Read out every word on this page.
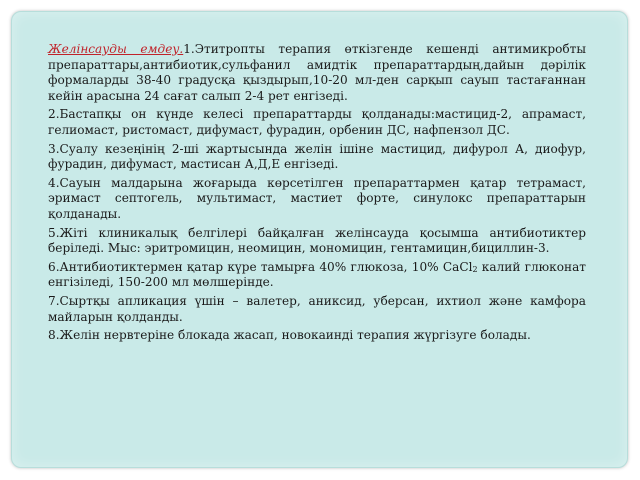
Желінсауды емдеу.1.Этитропты терапия өткізгенде кешенді антимикробты препараттары,антибиотик,сульфанил амидтік препараттардың,дайын дәрілік формаларды 38-40 градусқа қыздырып,10-20 мл-ден сарқып сауып тастағаннан кейін арасына 24 сағат салып 2-4 рет енгізеді.

2.Бастапқы он күнде келесі препараттарды қолданады:мастицид-2, апрамаст, гелиомаст, ристомаст, дифумаст, фурадин, орбенин ДС, нафпензол ДС.

3.Суалу кезеңінің 2-ші жартысында желін ішіне мастицид, дифурол А, диофур, фурадин, дифумаст, мастисан А,Д,Е енгізеді.

4.Сауын малдарына жоғарыда көрсетілген препараттармен қатар тетрамаст, эримаст септогель, мультимаст, мастиет форте, синулокс препараттарын қолданады.

5.Жіті клиникалық белгілері байқалған желінсауда қосымша антибиотиктер беріледі. Мыс: эритромицин, неомицин, мономицин, гентамицин,бициллин-3.

6.Антибиотиктермен қатар күре тамырға 40% глюкоза, 10% CaCl$_2$ калий глюконат енгізіледі, 150-200 мл мөлшерінде.

7.Сыртқы апликация үшін – валетер, аниксид, уберсан, ихтиол және камфора майларын қолданды.

8.Желін нервтеріне блокада жасап, новокаинді терапия жүргізуге болады.
